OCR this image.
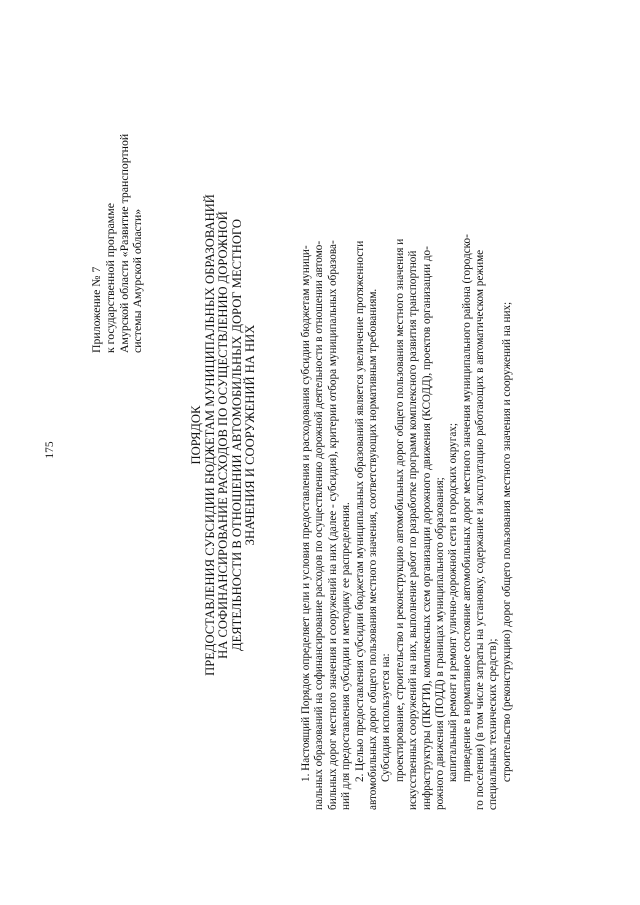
175
Приложение № 7 к государственной программе Амурской области «Развитие транспортной системы Амурской области»
ПОРЯДОК ПРЕДОСТАВЛЕНИЯ СУБСИДИИ БЮДЖЕТАМ МУНИЦИПАЛЬНЫХ ОБРАЗОВАНИЙ НА СОФИНАНСИРОВАНИЕ РАСХОДОВ ПО ОСУЩЕСТВЛЕНИЮ ДОРОЖНОЙ ДЕЯТЕЛЬНОСТИ В ОТНОШЕНИИ АВТОМОБИЛЬНЫХ ДОРОГ МЕСТНОГО ЗНАЧЕНИЯ И СООРУЖЕНИЙ НА НИХ	1. Настоящий Порядок определяет цели и условия предоставления и расходования субсидии бюджетам муници- пальных образований на софинансирование расходов по осуществлению дорожной деятельности в отношении автомо- бильных дорог местного значения и сооружений на них (далее - субсидия), критерии отбора муниципальных образова- ний для предоставления субсидии и методику ее распределения. 2. Целью предоставления субсидии бюджетам муниципальных образований является увеличение протяженности автомобильных дорог общего пользования местного значения, соответствующих нормативным требованиям. Субсидия используется на: проектирование, строительство и реконструкцию автомобильных дорог общего пользования местного значения и искусственных сооружений на них, выполнение работ по разработке программ комплексного развития транспортной инфраструктуры (ПКРТИ), комплексных схем организации дорожного движения (КСОДД), проектов организации до- рожного движения (ПОДД) в границах муниципального образования; капитальный ремонт и ремонт улично-дорожной сети в городских округах; приведение в нормативное состояние автомобильных дорог местного значения муниципального района (городско- го поселения) (в том числе затраты на установку, содержание и эксплуатацию работающих в автоматическом режиме специальных технических средств); строительство (реконструкцию) дорог общего пользования местного значения и сооружений на них;
